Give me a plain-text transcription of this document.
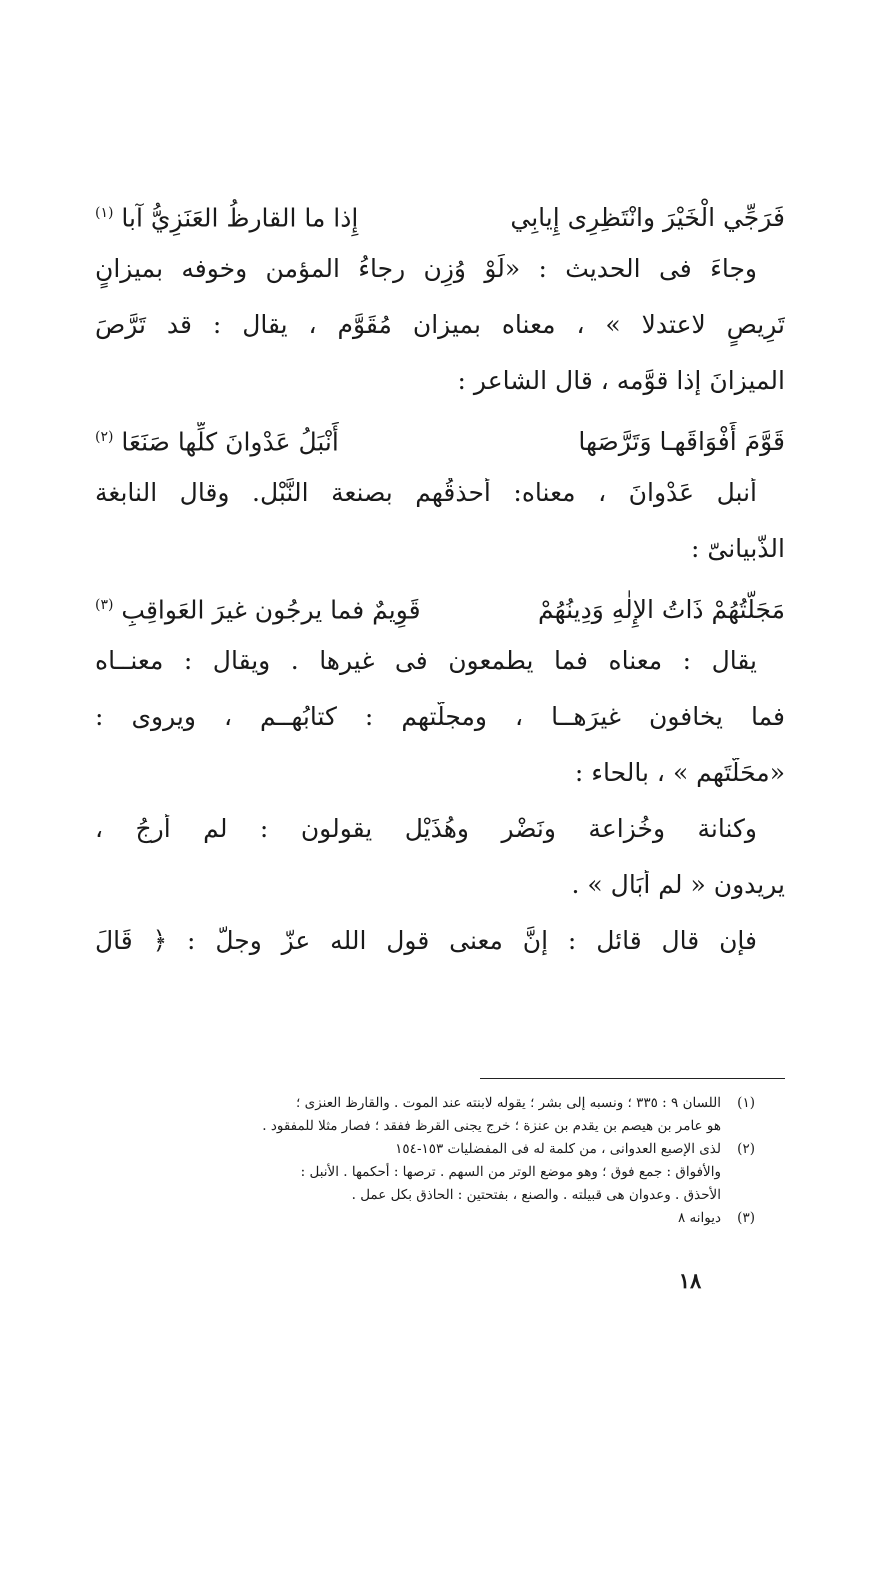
فَرَجِّي الْخَيْرَ وانْتَظِرِى إِيابِي
إِذا ما القارظُ العَنَزِيُّ آبا $^{(١)}$
وجاءَ فى الحديث : «لَوْ وُزِن رجاءُ المؤمن وخوفه بميزانٍ
تَرِيصٍ لاعتدلا » ، معناه بميزان مُقَوَّم ، يقال : قد تَرَّصَ
الميزانَ إذا قوَّمه ، قال الشاعر :
قَوَّمَ أَفْوَاقَهـا وَتَرَّصَها
أَنْبَلُ عَدْوانَ كلِّها صَنَعَا $^{(٢)}$
أنبل عَدْوانَ ، معناه: أحذقُهم بصنعة النَّبْل. وقال النابغة
الذّبيانىّ :
مَجَلَّتُهُمْ ذَاتُ الإِلٰهِ وَدِينُهُمْ
قَوِيمٌ فما يرجُون غيرَ العَواقِبِ $^{(٣)}$
يقال : معناه فما يطمعون فى غيرها . ويقال : معنــاه
فما يخافون غيرَهــا ، ومجلّتهم : كتابُهــم ، ويروى :
«محَلَّتَهم » ، بالحاء :
وكنانة وخُزاعة ونَضْر وهُذَيْل يقولون : لم أَرجُ ،
يريدون « لم أُبَال » .
فإن قال قائل : إنَّ معنى قول الله عزّ وجلّ : ﴿ قَالَ
(١)اللسان ٩ : ٣٣٥ ؛ ونسبه إلى بشر ؛ يقوله لابنته عند الموت . والقارظ العنزى ؛
هو عامر بن هيصم بن يقدم بن عنزة ؛ خرج يجنى القرظ ففقد ؛ فصار مثلا للمفقود .
(٢)لذى الإصبع العدوانى ، من كلمة له فى المفضليات ١٥٣-١٥٤
والأفواق : جمع فوق ؛ وهو موضع الوتر من السهم . ترصها : أحكمها . الأنبل :
الأحذق . وعدوان هى قبيلته . والصنع ، بفتحتين : الحاذق بكل عمل .
(٣)ديوانه ٨
١٨
